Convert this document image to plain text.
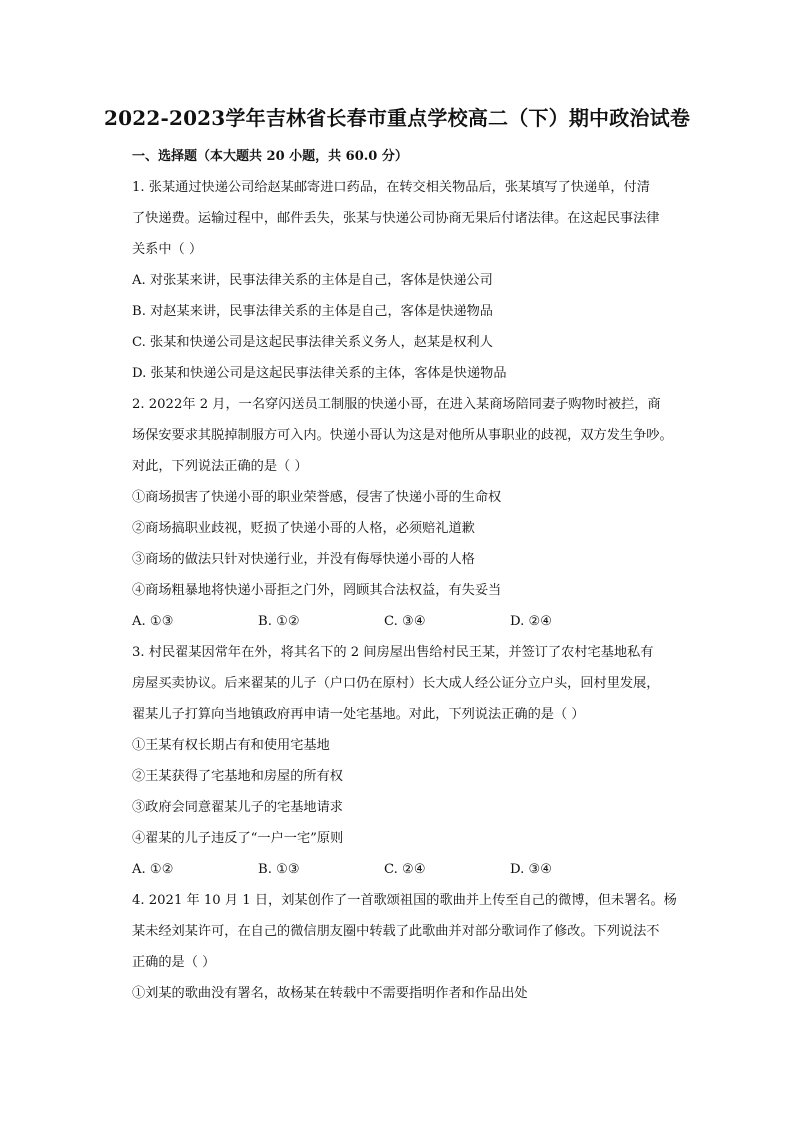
2022-2023学年吉林省长春市重点学校高二（下）期中政治试卷
一、选择题（本大题共 20 小题，共 60.0 分）
1. 张某通过快递公司给赵某邮寄进口药品，在转交相关物品后，张某填写了快递单，付清
了快递费。运输过程中，邮件丢失，张某与快递公司协商无果后付诸法律。在这起民事法律
关系中（ ）
A. 对张某来讲，民事法律关系的主体是自己，客体是快递公司
B. 对赵某来讲，民事法律关系的主体是自己，客体是快递物品
C. 张某和快递公司是这起民事法律关系义务人，赵某是权利人
D. 张某和快递公司是这起民事法律关系的主体，客体是快递物品
2. 2022年 2 月，一名穿闪送员工制服的快递小哥，在进入某商场陪同妻子购物时被拦，商
场保安要求其脱掉制服方可入内。快递小哥认为这是对他所从事职业的歧视，双方发生争吵。
对此，下列说法正确的是（ ）
①商场损害了快递小哥的职业荣誉感，侵害了快递小哥的生命权
②商场搞职业歧视，贬损了快递小哥的人格，必须赔礼道歉
③商场的做法只针对快递行业，并没有侮辱快递小哥的人格
④商场粗暴地将快递小哥拒之门外，罔顾其合法权益，有失妥当
A. ①③	B. ①②	C. ③④	D. ②④
3. 村民翟某因常年在外，将其名下的 2 间房屋出售给村民王某，并签订了农村宅基地私有
房屋买卖协议。后来翟某的儿子（户口仍在原村）长大成人经公证分立户头，回村里发展，
翟某儿子打算向当地镇政府再申请一处宅基地。对此，下列说法正确的是（ ）
①王某有权长期占有和使用宅基地
②王某获得了宅基地和房屋的所有权
③政府会同意翟某儿子的宅基地请求
④翟某的儿子违反了“一户一宅”原则
A. ①②	B. ①③	C. ②④	D. ③④
4. 2021 年 10 月 1 日，刘某创作了一首歌颂祖国的歌曲并上传至自己的微博，但未署名。杨
某未经刘某许可，在自己的微信朋友圈中转载了此歌曲并对部分歌词作了修改。下列说法不
正确的是（ ）
①刘某的歌曲没有署名，故杨某在转载中不需要指明作者和作品出处
